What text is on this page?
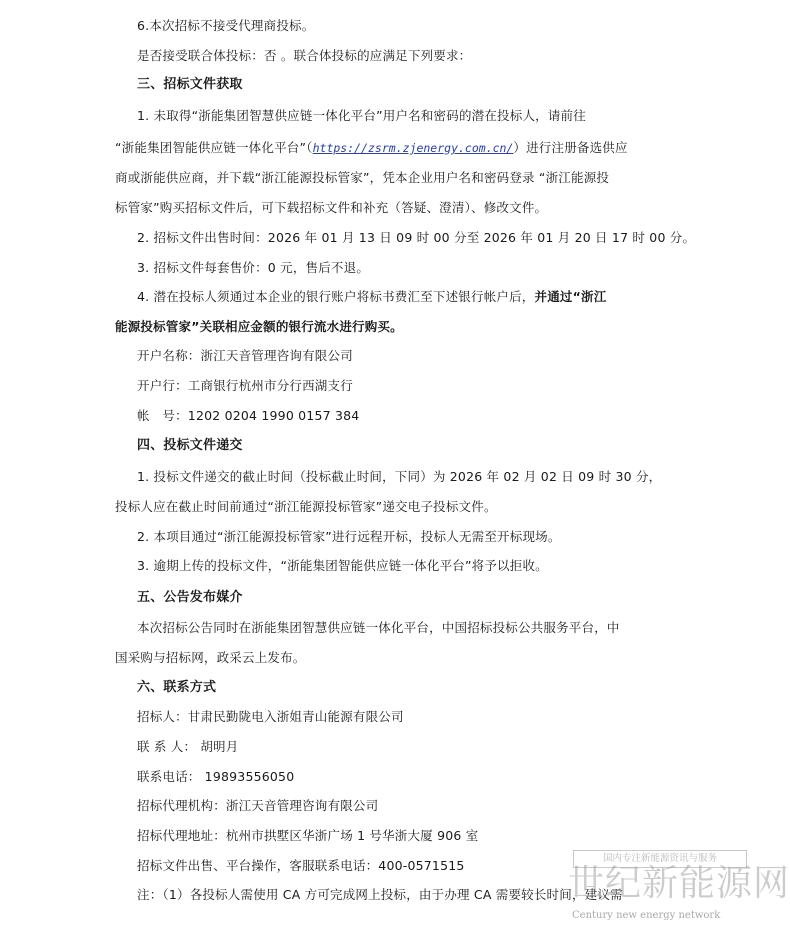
6.本次招标不接受代理商投标。
是否接受联合体投标：否 。联合体投标的应满足下列要求：
三、招标文件获取
1. 未取得“浙能集团智慧供应链一体化平台”用户名和密码的潜在投标人，请前往
“浙能集团智能供应链一体化平台”（https://zsrm.zjenergy.com.cn/）进行注册备选供应
商或浙能供应商，并下载“浙江能源投标管家”，凭本企业用户名和密码登录 “浙江能源投
标管家”购买招标文件后，可下载招标文件和补充（答疑、澄清）、修改文件。
2. 招标文件出售时间：2026 年 01 月 13 日 09 时 00 分至 2026 年 01 月 20 日 17 时 00 分。
3. 招标文件每套售价：0 元，售后不退。
4. 潜在投标人须通过本企业的银行账户将标书费汇至下述银行帐户后，并通过“浙江
能源投标管家”关联相应金额的银行流水进行购买。
开户名称：浙江天音管理咨询有限公司
开户行：工商银行杭州市分行西湖支行
帐　号：1202 0204 1990 0157 384
四、投标文件递交
1. 投标文件递交的截止时间（投标截止时间，下同）为 2026 年 02 月 02 日 09 时 30 分，
投标人应在截止时间前通过“浙江能源投标管家”递交电子投标文件。
2. 本项目通过“浙江能源投标管家”进行远程开标，投标人无需至开标现场。
3. 逾期上传的投标文件，“浙能集团智能供应链一体化平台”将予以拒收。
五、公告发布媒介
本次招标公告同时在浙能集团智慧供应链一体化平台，中国招标投标公共服务平台，中
国采购与招标网，政采云上发布。
六、联系方式
招标人：甘肃民勤陇电入浙姐青山能源有限公司
联 系 人： 胡明月
联系电话： 19893556050
招标代理机构：浙江天音管理咨询有限公司
招标代理地址：杭州市拱墅区华浙广场 1 号华浙大厦 906 室
招标文件出售、平台操作，客服联系电话：400-0571515
注：（1）各投标人需使用 CA 方可完成网上投标，由于办理 CA 需要较长时间，建议需
国内专注新能源资讯与服务
世纪新能源网
Century new energy network
